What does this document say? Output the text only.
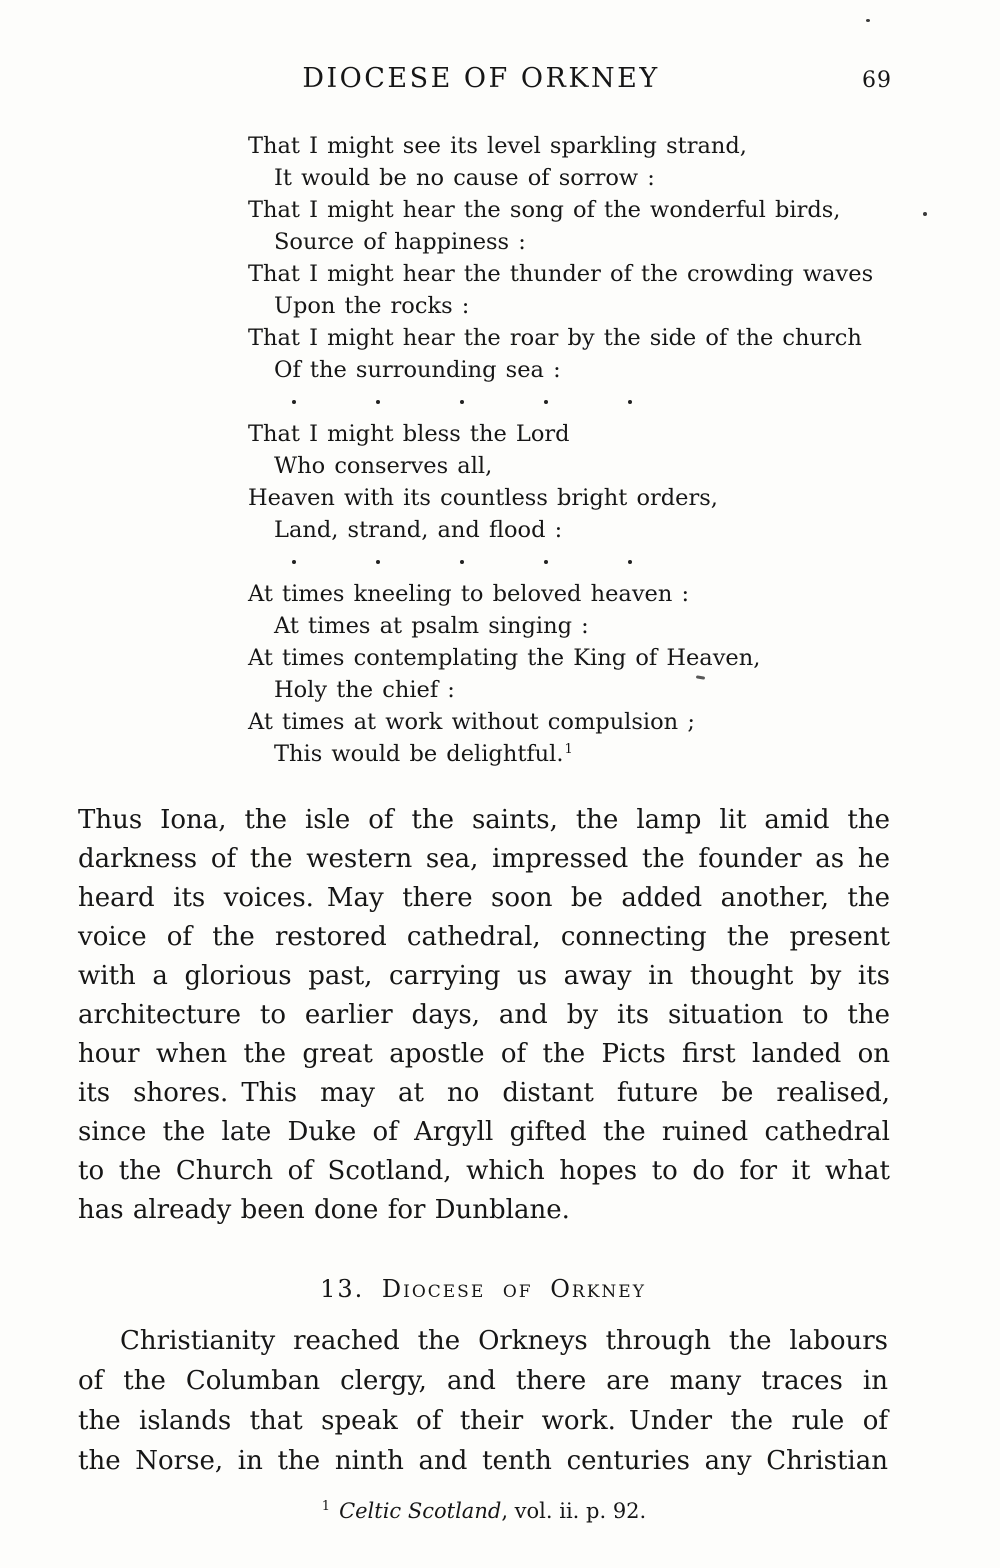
DIOCESE OF ORKNEY	69
That I might see its level sparkling strand,
It would be no cause of sorrow :
That I might hear the song of the wonderful birds,
Source of happiness :
That I might hear the thunder of the crowding waves
Upon the rocks :
That I might hear the roar by the side of the church
Of the surrounding sea :
That I might bless the Lord
Who conserves all,
Heaven with its countless bright orders,
Land, strand, and flood :
At times kneeling to beloved heaven :
At times at psalm singing :
At times contemplating the King of Heaven,
Holy the chief :
At times at work without compulsion ;
This would be delightful.$^1$
Thus Iona, the isle of the saints, the lamp lit amid the
darkness of the western sea, impressed the founder as he
heard its voices. May there soon be added another, the
voice of the restored cathedral, connecting the present
with a glorious past, carrying us away in thought by its
architecture to earlier days, and by its situation to the
hour when the great apostle of the Picts first landed on
its shores. This may at no distant future be realised,
since the late Duke of Argyll gifted the ruined cathedral
to the Church of Scotland, which hopes to do for it what
has already been done for Dunblane.
13. Diocese of Orkney
Christianity reached the Orkneys through the labours
of the Columban clergy, and there are many traces in
the islands that speak of their work. Under the rule of
the Norse, in the ninth and tenth centuries any Christian
$^1$ Celtic Scotland, vol. ii. p. 92.
